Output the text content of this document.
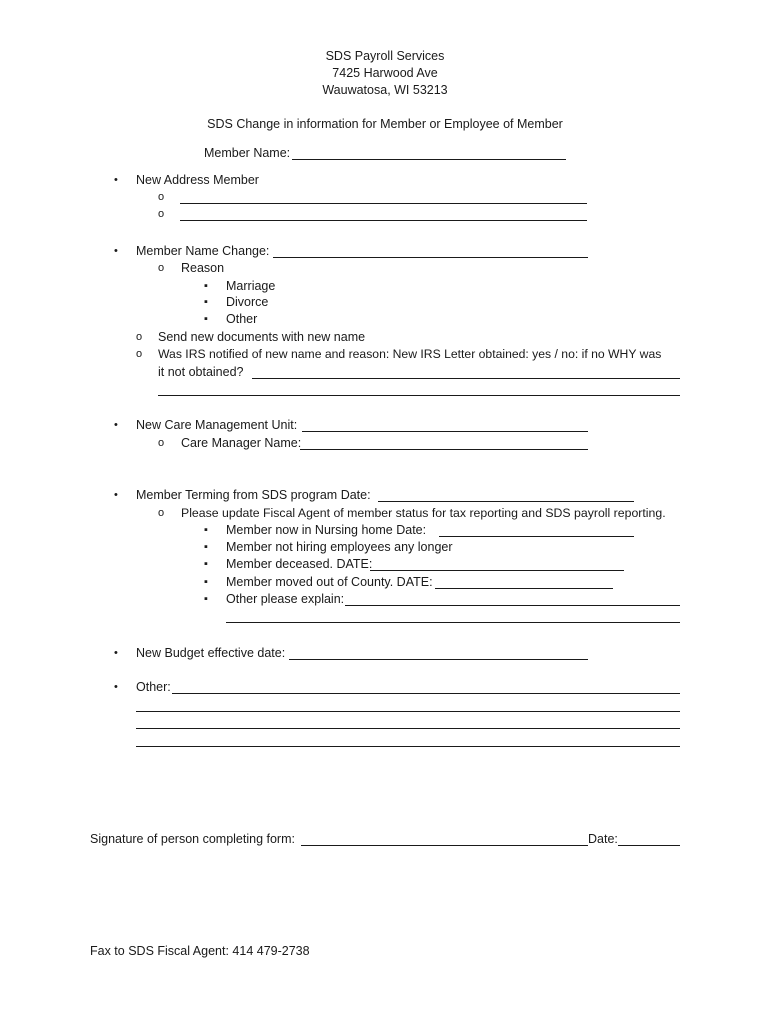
SDS Payroll Services
7425 Harwood Ave
Wauwatosa, WI 53213
SDS Change in information for Member or Employee of Member
Member Name:
• New Address Member
o
o
• Member Name Change:
o Reason
▪ Marriage
▪ Divorce
▪ Other
o Send new documents with new name
o Was IRS notified of new name and reason: New IRS Letter obtained: yes / no: if no WHY was
it not obtained?
• New Care Management Unit:
o Care Manager Name:
• Member Terming from SDS program Date:
o Please update Fiscal Agent of member status for tax reporting and SDS payroll reporting.
▪ Member now in Nursing home Date:
▪ Member not hiring employees any longer
▪ Member deceased. DATE:
▪ Member moved out of County. DATE:
▪ Other please explain:
• New Budget effective date:
• Other:
Signature of person completing form:	Date:
Fax to SDS Fiscal Agent: 414 479-2738
